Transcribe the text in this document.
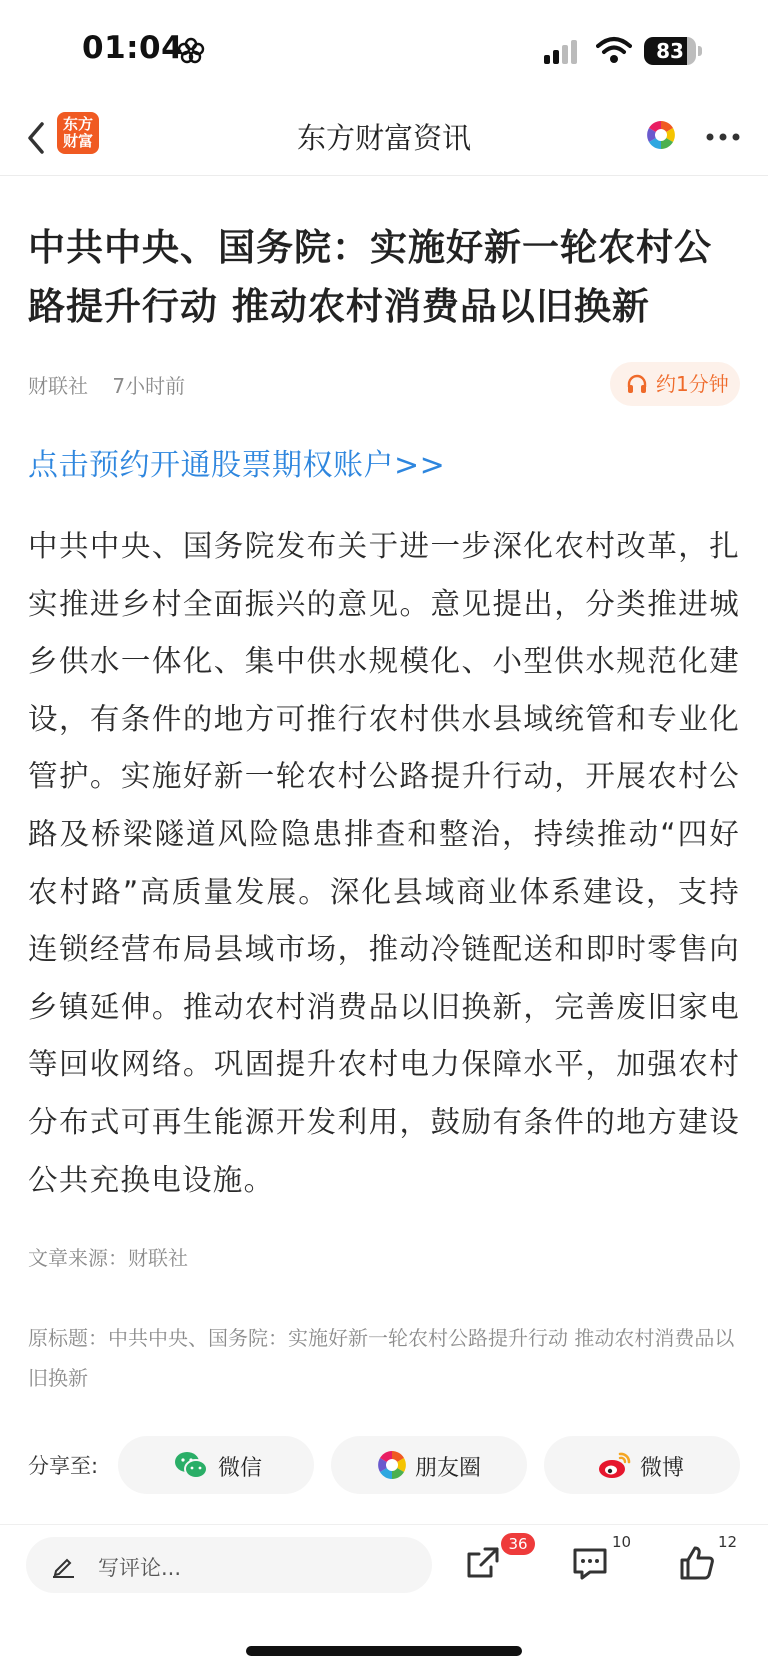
01:04	83
东方
财富	东方财富资讯
中共中央、国务院：实施好新一轮农村公路提升行动 推动农村消费品以旧换新
财联社 7小时前	约1分钟
点击预约开通股票期权账户>>
中共中央、国务院发布关于进一步深化农村改革，扎实推进乡村全面振兴的意见。意见提出，分类推进城乡供水一体化、集中供水规模化、小型供水规范化建设，有条件的地方可推行农村供水县域统管和专业化管护。实施好新一轮农村公路提升行动，开展农村公路及桥梁隧道风险隐患排查和整治，持续推动“四好农村路”高质量发展。深化县域商业体系建设，支持连锁经营布局县域市场，推动冷链配送和即时零售向乡镇延伸。推动农村消费品以旧换新，完善废旧家电等回收网络。巩固提升农村电力保障水平，加强农村分布式可再生能源开发利用，鼓励有条件的地方建设公共充换电设施。
文章来源：财联社
原标题：中共中央、国务院：实施好新一轮农村公路提升行动 推动农村消费品以旧换新
分享至:	微信	朋友圈	微博
写评论...
36	10	12
